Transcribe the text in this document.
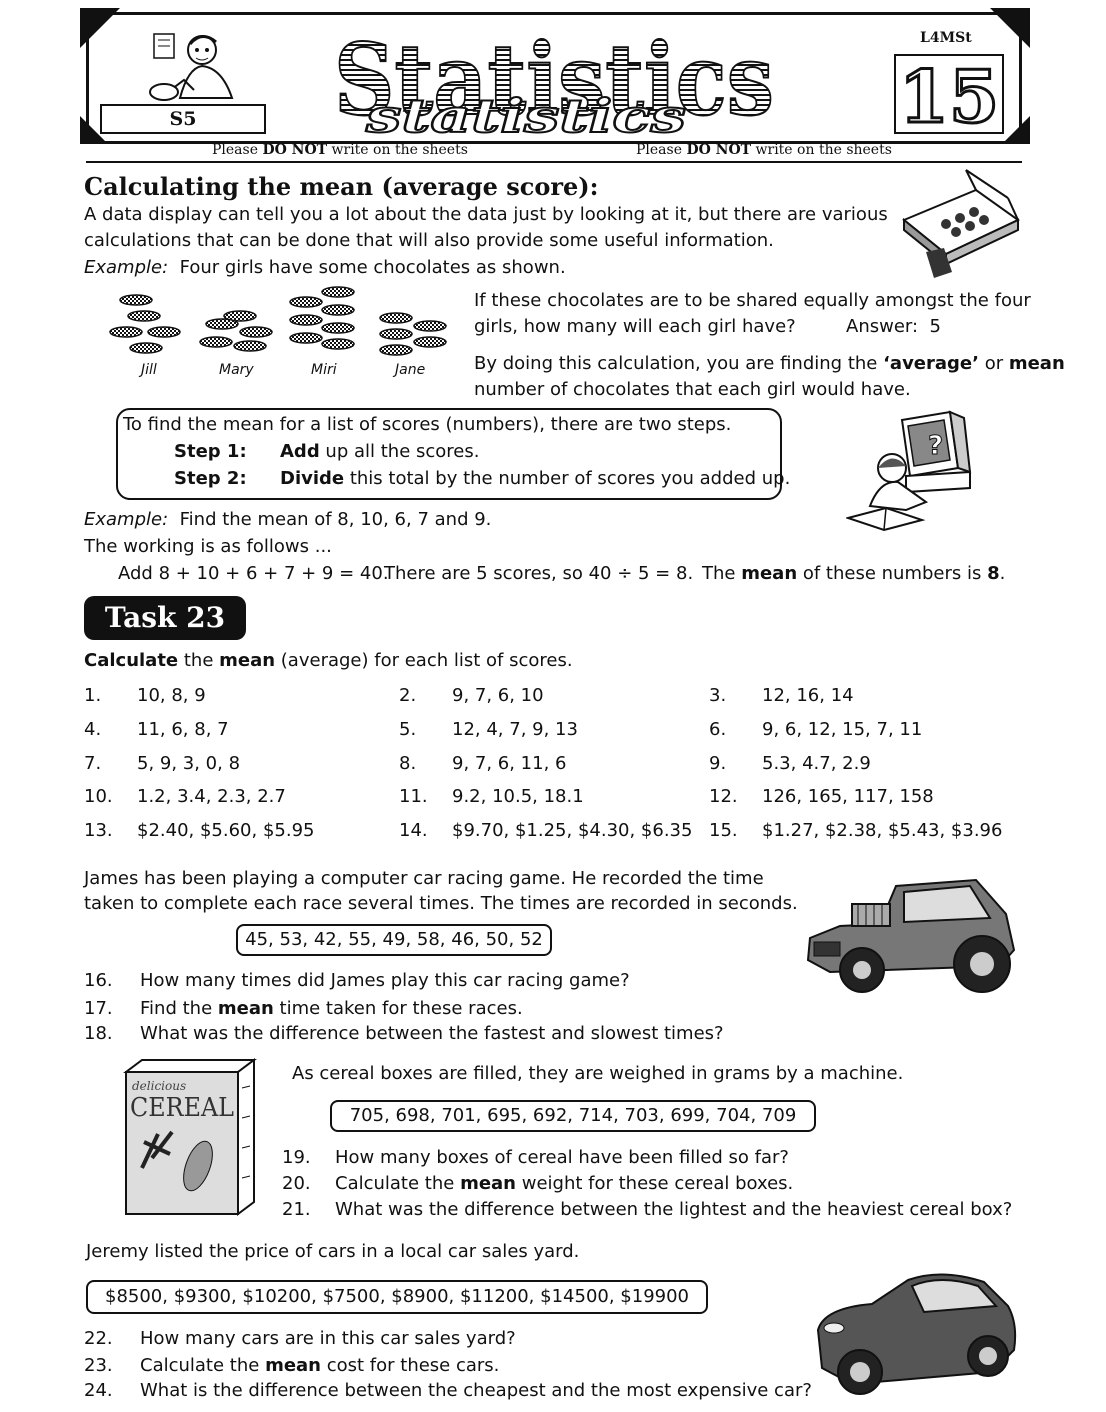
S5	Statistics
statistics
L4MSt
15
Please DO NOT write on the sheets	Please DO NOT write on the sheets
Calculating the mean (average score):
A data display can tell you a lot about the data just by looking at it, but there are various
calculations that can be done that will also provide some useful information.
Example: Four girls have some chocolates as shown.
Jill	Mary	Miri	Jane
If these chocolates are to be shared equally amongst the four
girls, how many will each girl have?	Answer: 5
By doing this calculation, you are finding the ‘average’ or mean
number of chocolates that each girl would have.
To find the mean for a list of scores (numbers), there are two steps.
Step 1: Add up all the scores.
Step 2: Divide this total by the number of scores you added up.
?
Example: Find the mean of 8, 10, 6, 7 and 9.
The working is as follows ...
Add 8 + 10 + 6 + 7 + 9 = 40.
There are 5 scores, so 40 ÷ 5 = 8. The mean of these numbers is 8.
Task 23
Calculate the mean (average) for each list of scores.
1. 10, 8, 9	2. 9, 7, 6, 10	3. 12, 16, 14
4. 11, 6, 8, 7	5. 12, 4, 7, 9, 13	6. 9, 6, 12, 15, 7, 11
7. 5, 9, 3, 0, 8	8. 9, 7, 6, 11, 6	9. 5.3, 4.7, 2.9
10. 1.2, 3.4, 2.3, 2.7	11. 9.2, 10.5, 18.1	12. 126, 165, 117, 158
13. $2.40, $5.60, $5.95	14. $9.70, $1.25, $4.30, $6.35 15. $1.27, $2.38, $5.43, $3.96
James has been playing a computer car racing game. He recorded the time
taken to complete each race several times. The times are recorded in seconds.
45, 53, 42, 55, 49, 58, 46, 50, 52
16. How many times did James play this car racing game?
17. Find the mean time taken for these races.
18. What was the difference between the fastest and slowest times?
delicious
CEREAL
As cereal boxes are filled, they are weighed in grams by a machine.
705, 698, 701, 695, 692, 714, 703, 699, 704, 709
19. How many boxes of cereal have been filled so far?
20. Calculate the mean weight for these cereal boxes.
21. What was the difference between the lightest and the heaviest cereal box?
Jeremy listed the price of cars in a local car sales yard.
$8500, $9300, $10200, $7500, $8900, $11200, $14500, $19900
22. How many cars are in this car sales yard?
23. Calculate the mean cost for these cars.
24. What is the difference between the cheapest and the most expensive car?
